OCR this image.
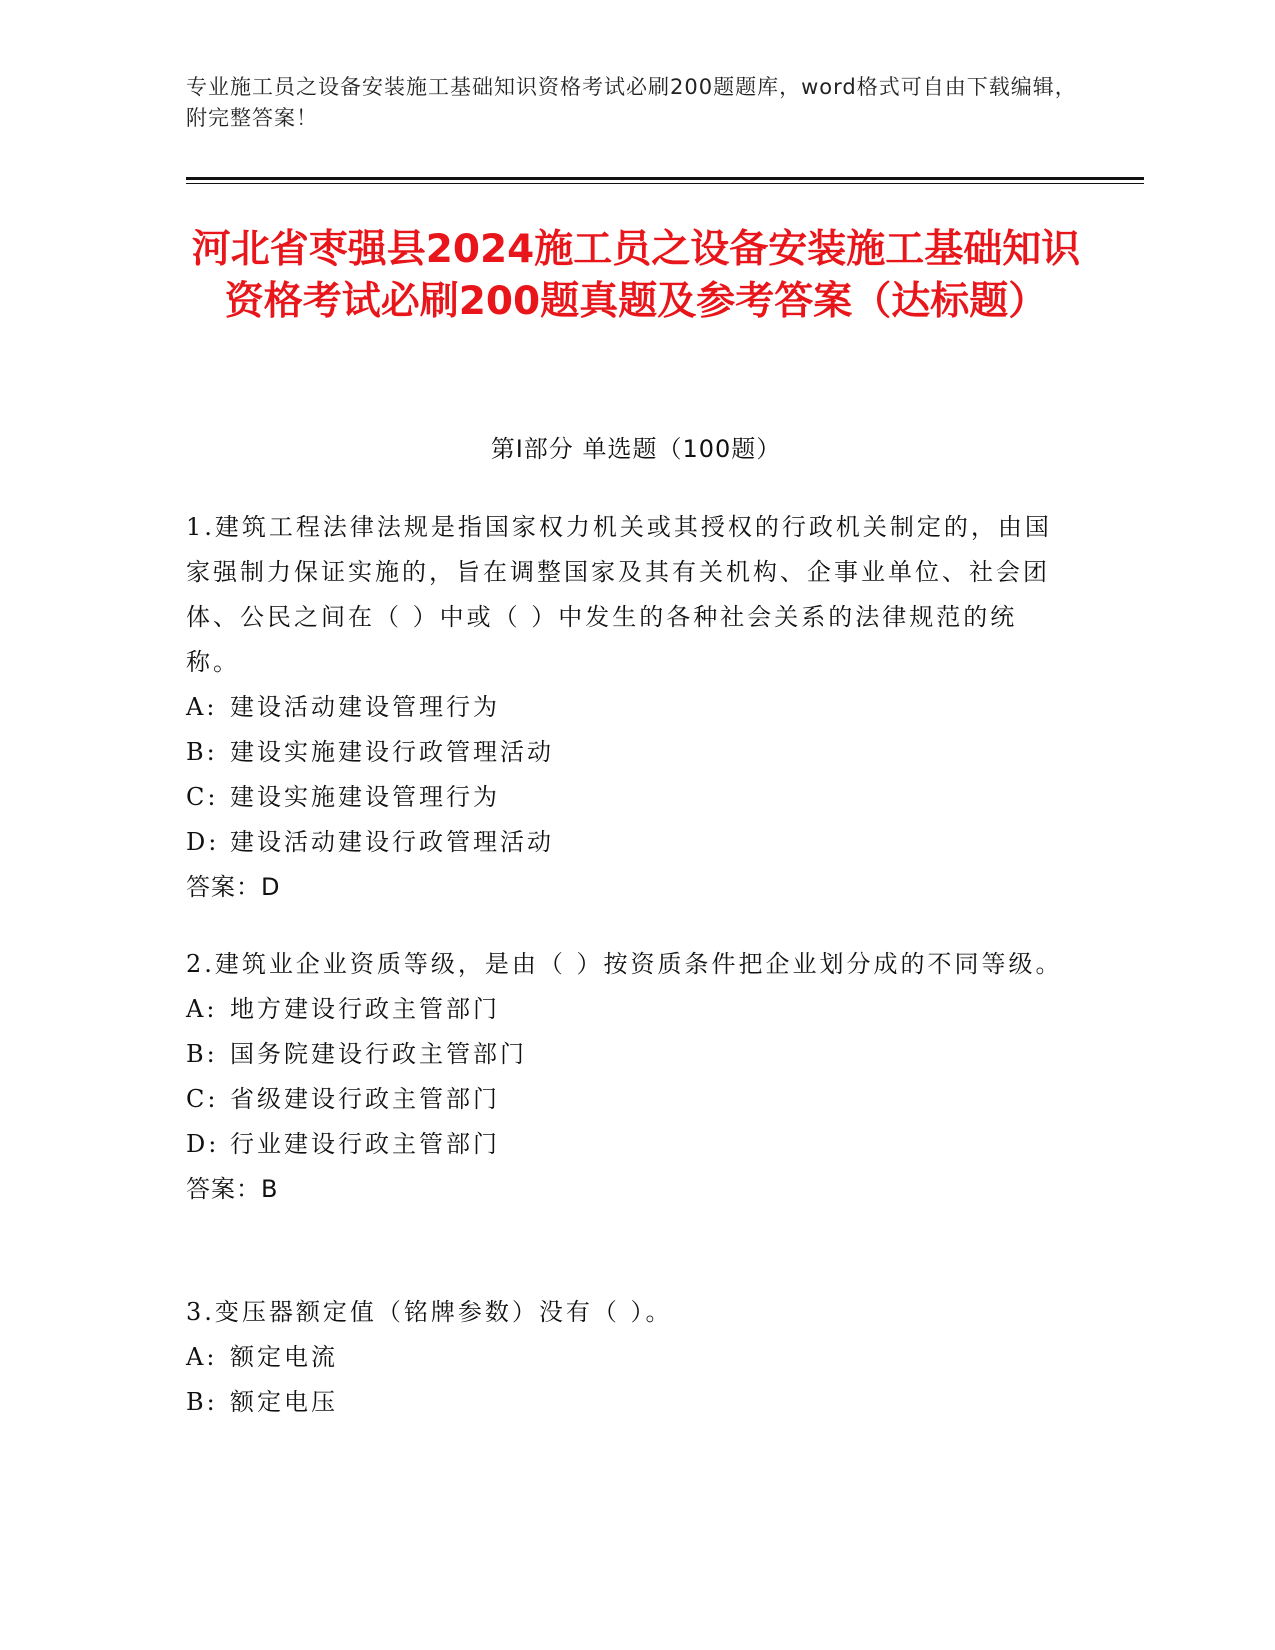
专业施工员之设备安装施工基础知识资格考试必刷200题题库，word格式可自由下载编辑，附完整答案！
河北省枣强县2024施工员之设备安装施工基础知识资格考试必刷200题真题及参考答案（达标题）
第I部分 单选题（100题）

1.建筑工程法律法规是指国家权力机关或其授权的行政机关制定的，由国家强制力保证实施的，旨在调整国家及其有关机构、企事业单位、社会团体、公民之间在（ ）中或（ ）中发生的各种社会关系的法律规范的统称。

A: 建设活动建设管理行为

B: 建设实施建设行政管理活动

C: 建设实施建设管理行为

D: 建设活动建设行政管理活动

答案：D

2.建筑业企业资质等级，是由（ ）按资质条件把企业划分成的不同等级。

A: 地方建设行政主管部门

B: 国务院建设行政主管部门

C: 省级建设行政主管部门

D: 行业建设行政主管部门

答案：B

3.变压器额定值（铭牌参数）没有（ ）。

A: 额定电流

B: 额定电压
